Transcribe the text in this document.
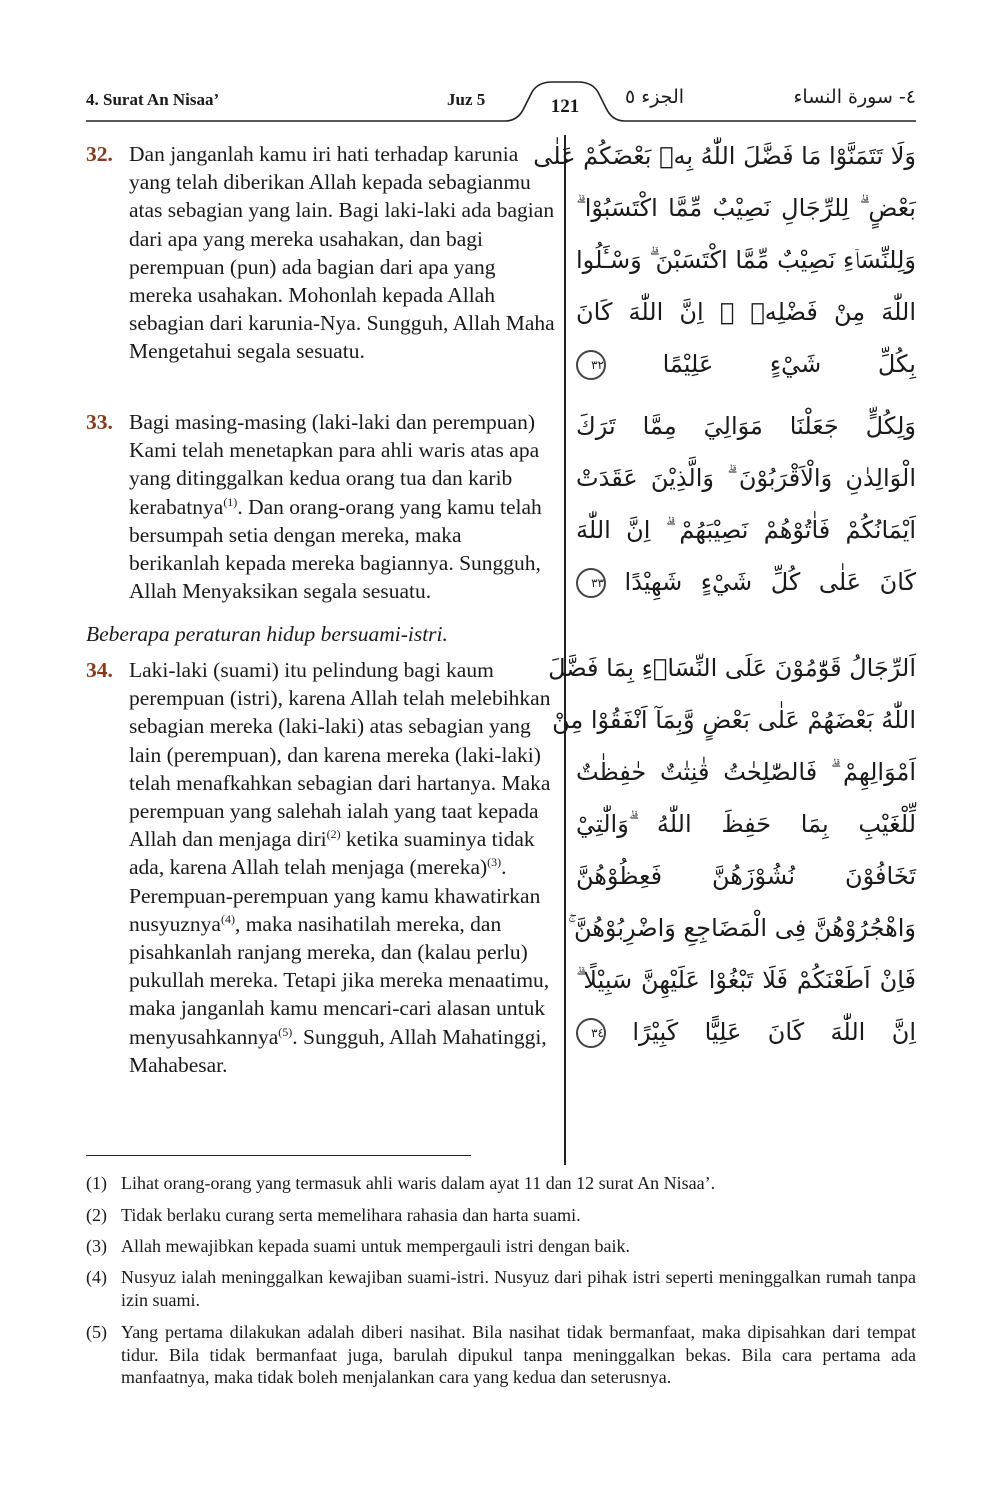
4. Surat An Nisaa’	Juz 5	121	الجزء ٥	٤- سورة النساء
32. Dan janganlah kamu iri hati terhadap karunia yang telah diberikan Allah kepada sebagianmu atas sebagian yang lain. Bagi laki-laki ada bagian dari apa yang mereka usahakan, dan bagi perempuan (pun) ada bagian dari apa yang mereka usahakan. Mohonlah kepada Allah sebagian dari karunia-Nya. Sungguh, Allah Maha Mengetahui segala sesuatu.
وَلَا تَتَمَنَّوْا مَا فَضَّلَ اللّٰهُ بِهٖ بَعْضَكُمْ عَلٰى
بَعْضٍ ۗ لِلرِّجَالِ نَصِيْبٌ مِّمَّا اكْتَسَبُوْا ۗ
وَلِلنِّسَاۤءِ نَصِيْبٌ مِّمَّا اكْتَسَبْنَ ۗ وَسْـَٔلُوا
اللّٰهَ مِنْ فَضْلِهٖ ۗ اِنَّ اللّٰهَ كَانَ
بِكُلِّ شَيْءٍ عَلِيْمًا ٣٢
33. Bagi masing-masing (laki-laki dan perempuan) Kami telah menetapkan para ahli waris atas apa yang ditinggalkan kedua orang tua dan karib kerabatnya$^{(1)}$. Dan orang-orang yang kamu telah bersumpah setia dengan mereka, maka berikanlah kepada mereka bagiannya. Sungguh, Allah Menyaksikan segala sesuatu.
وَلِكُلٍّ جَعَلْنَا مَوَالِيَ مِمَّا تَرَكَ
الْوَالِدٰنِ وَالْاَقْرَبُوْنَ ۗ وَالَّذِيْنَ عَقَدَتْ
اَيْمَانُكُمْ فَاٰتُوْهُمْ نَصِيْبَهُمْ ۗ اِنَّ اللّٰهَ
كَانَ عَلٰى كُلِّ شَيْءٍ شَهِيْدًا ٣٣
Beberapa peraturan hidup bersuami-istri.
34. Laki-laki (suami) itu pelindung bagi kaum perempuan (istri), karena Allah telah melebihkan sebagian mereka (laki-laki) atas sebagian yang lain (perempuan), dan karena mereka (laki-laki) telah menafkahkan sebagian dari hartanya. Maka perempuan yang salehah ialah yang taat kepada Allah dan menjaga diri$^{(2)}$ ketika suaminya tidak ada, karena Allah telah menjaga (mereka)$^{(3)}$. Perempuan-perempuan yang kamu khawatirkan nusyuznya$^{(4)}$, maka nasihatilah mereka, dan pisahkanlah ranjang mereka, dan (kalau perlu) pukullah mereka. Tetapi jika mereka menaatimu, maka janganlah kamu mencari-cari alasan untuk menyusahkannya$^{(5)}$. Sungguh, Allah Mahatinggi, Mahabesar.
اَلرِّجَالُ قَوّٰمُوْنَ عَلَى النِّسَاۤءِ بِمَا فَضَّلَ
اللّٰهُ بَعْضَهُمْ عَلٰى بَعْضٍ وَّبِمَآ اَنْفَقُوْا مِنْ
اَمْوَالِهِمْ ۗ فَالصّٰلِحٰتُ قٰنِتٰتٌ حٰفِظٰتٌ
لِّلْغَيْبِ بِمَا حَفِظَ اللّٰهُ ۗوَالّٰتِيْ
تَخَافُوْنَ نُشُوْزَهُنَّ فَعِظُوْهُنَّ
وَاهْجُرُوْهُنَّ فِى الْمَضَاجِعِ وَاضْرِبُوْهُنَّ ۚ
فَاِنْ اَطَعْنَكُمْ فَلَا تَبْغُوْا عَلَيْهِنَّ سَبِيْلًا ۗ
اِنَّ اللّٰهَ كَانَ عَلِيًّا كَبِيْرًا ٣٤
(1) Lihat orang-orang yang termasuk ahli waris dalam ayat 11 dan 12 surat An Nisaa’.
(2) Tidak berlaku curang serta memelihara rahasia dan harta suami.
(3) Allah mewajibkan kepada suami untuk mempergauli istri dengan baik.
(4) Nusyuz ialah meninggalkan kewajiban suami-istri. Nusyuz dari pihak istri seperti meninggalkan rumah tanpa izin suami.
(5) Yang pertama dilakukan adalah diberi nasihat. Bila nasihat tidak bermanfaat, maka dipisahkan dari tempat tidur. Bila tidak bermanfaat juga, barulah dipukul tanpa meninggalkan bekas. Bila cara pertama ada manfaatnya, maka tidak boleh menjalankan cara yang kedua dan seterusnya.
